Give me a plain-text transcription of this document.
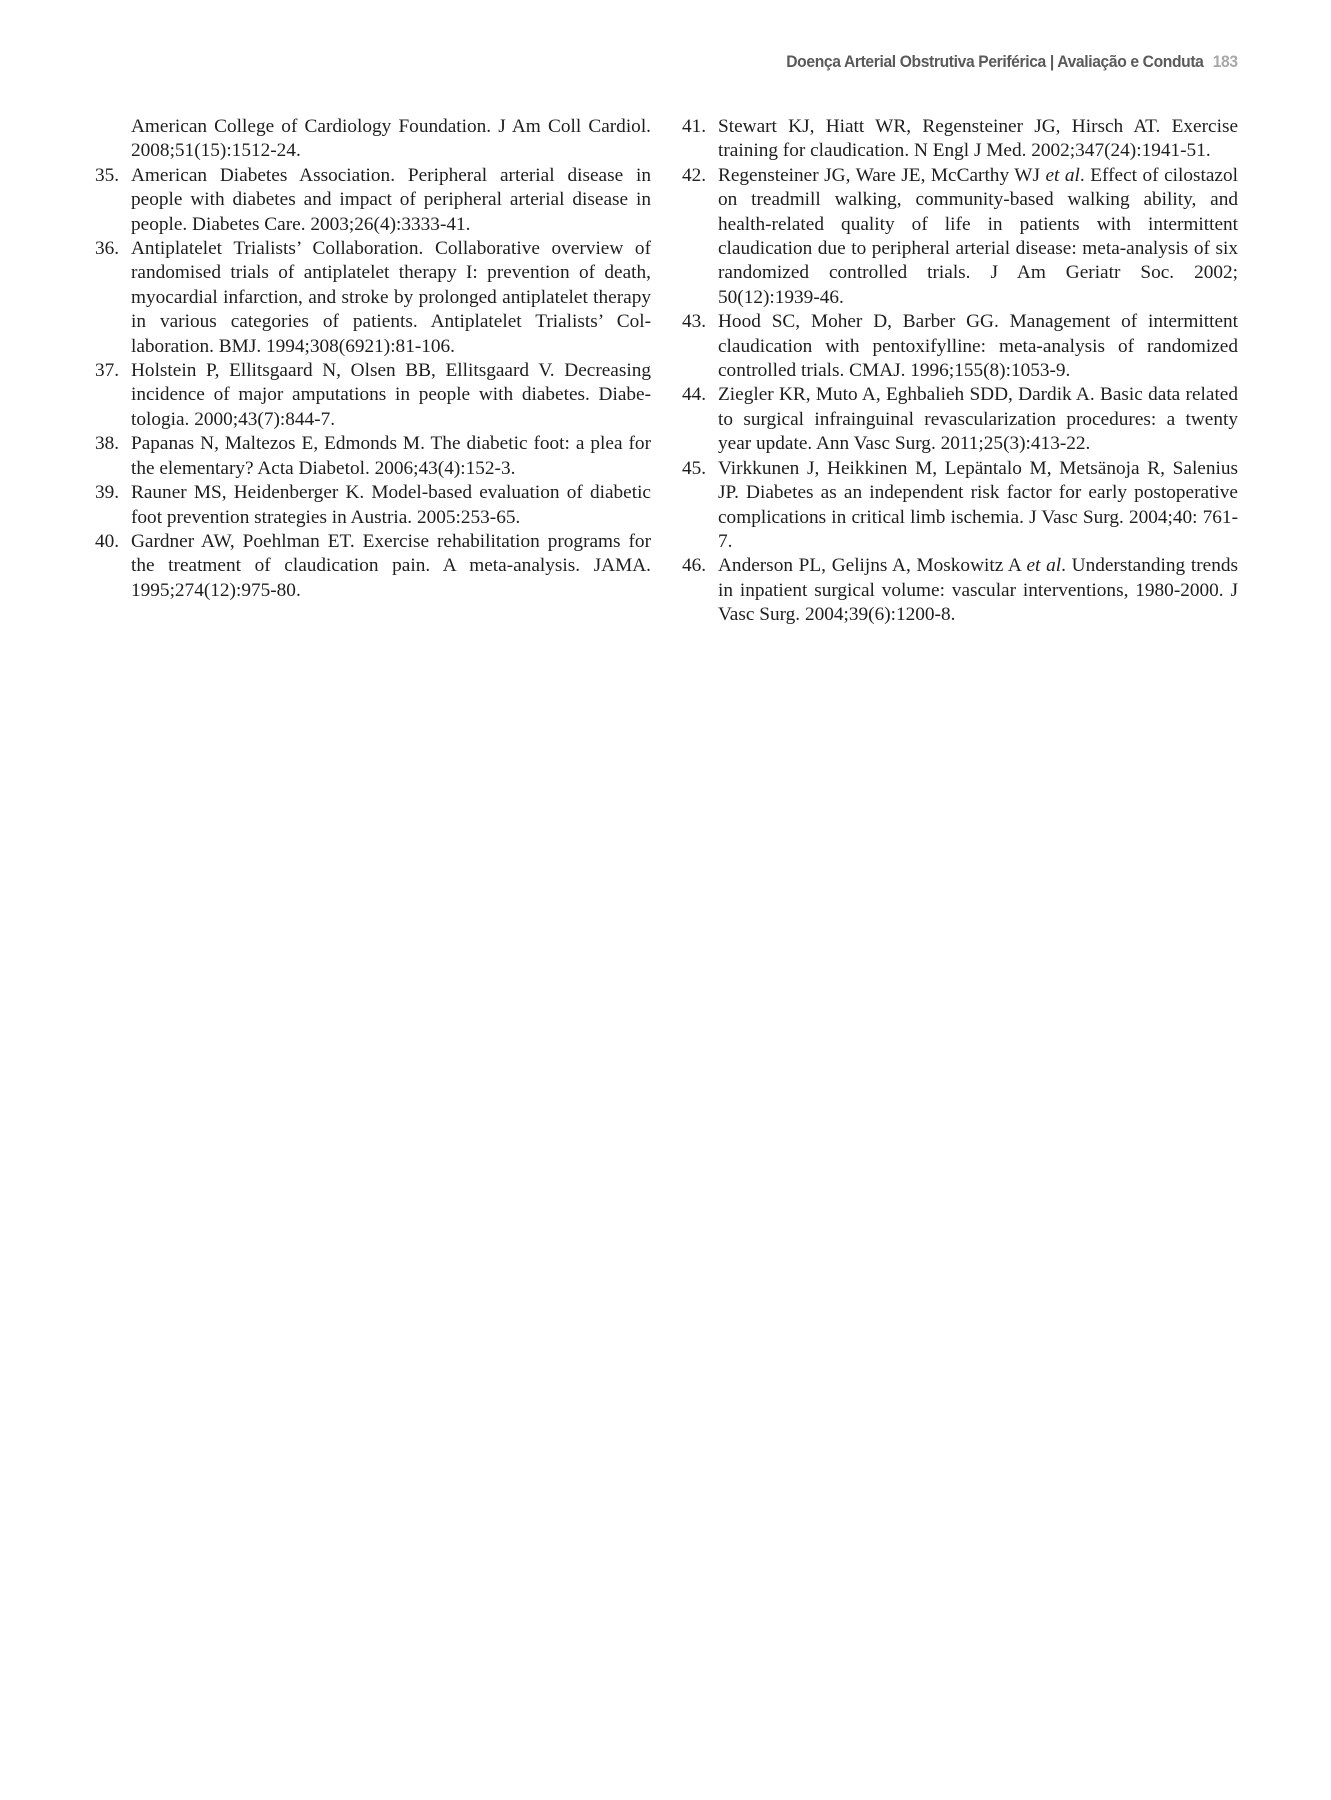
Doença Arterial Obstrutiva Periférica | Avaliação e Conduta 183
American College of Cardiology Foundation. J Am Coll Cardiol. 2008;51(15):1512-24.
35. American Diabetes Association. Peripheral arterial disease in people with diabetes and impact of peripheral arterial disease in people. Diabetes Care. 2003;26(4):3333-41.
36. Antiplatelet Trialists’ Collaboration. Collaborative overview of randomised trials of antiplatelet therapy I: prevention of death, myocardial infarction, and stroke by prolonged antiplatelet therapy in various categories of patients. Antiplatelet Trialists’ Collaboration. BMJ. 1994;308(6921):81-106.
37. Holstein P, Ellitsgaard N, Olsen BB, Ellitsgaard V. Decreasing incidence of major amputations in people with diabetes. Diabetologia. 2000;43(7):844-7.
38. Papanas N, Maltezos E, Edmonds M. The diabetic foot: a plea for the elementary? Acta Diabetol. 2006;43(4):152-3.
39. Rauner MS, Heidenberger K. Model-based evaluation of diabetic foot prevention strategies in Austria. 2005:253-65.
40. Gardner AW, Poehlman ET. Exercise rehabilitation programs for the treatment of claudication pain. A meta-analysis. JAMA. 1995;274(12):975-80.
41. Stewart KJ, Hiatt WR, Regensteiner JG, Hirsch AT. Exercise training for claudication. N Engl J Med. 2002;347(24):1941-51.
42. Regensteiner JG, Ware JE, McCarthy WJ et al. Effect of cilostazol on treadmill walking, community-based walking ability, and health-related quality of life in patients with intermittent claudication due to peripheral arterial disease: meta-analysis of six randomized controlled trials. J Am Geriatr Soc. 2002; 50(12):1939-46.
43. Hood SC, Moher D, Barber GG. Management of intermittent claudication with pentoxifylline: meta-analysis of randomized controlled trials. CMAJ. 1996;155(8):1053-9.
44. Ziegler KR, Muto A, Eghbalieh SDD, Dardik A. Basic data related to surgical infrainguinal revascularization procedures: a twenty year update. Ann Vasc Surg. 2011;25(3):413-22.
45. Virkkunen J, Heikkinen M, Lepäntalo M, Metsänoja R, Salenius JP. Diabetes as an independent risk factor for early postoperative complications in critical limb ischemia. J Vasc Surg. 2004;40: 761-7.
46. Anderson PL, Gelijns A, Moskowitz A et al. Understanding trends in inpatient surgical volume: vascular interventions, 1980-2000. J Vasc Surg. 2004;39(6):1200-8.
